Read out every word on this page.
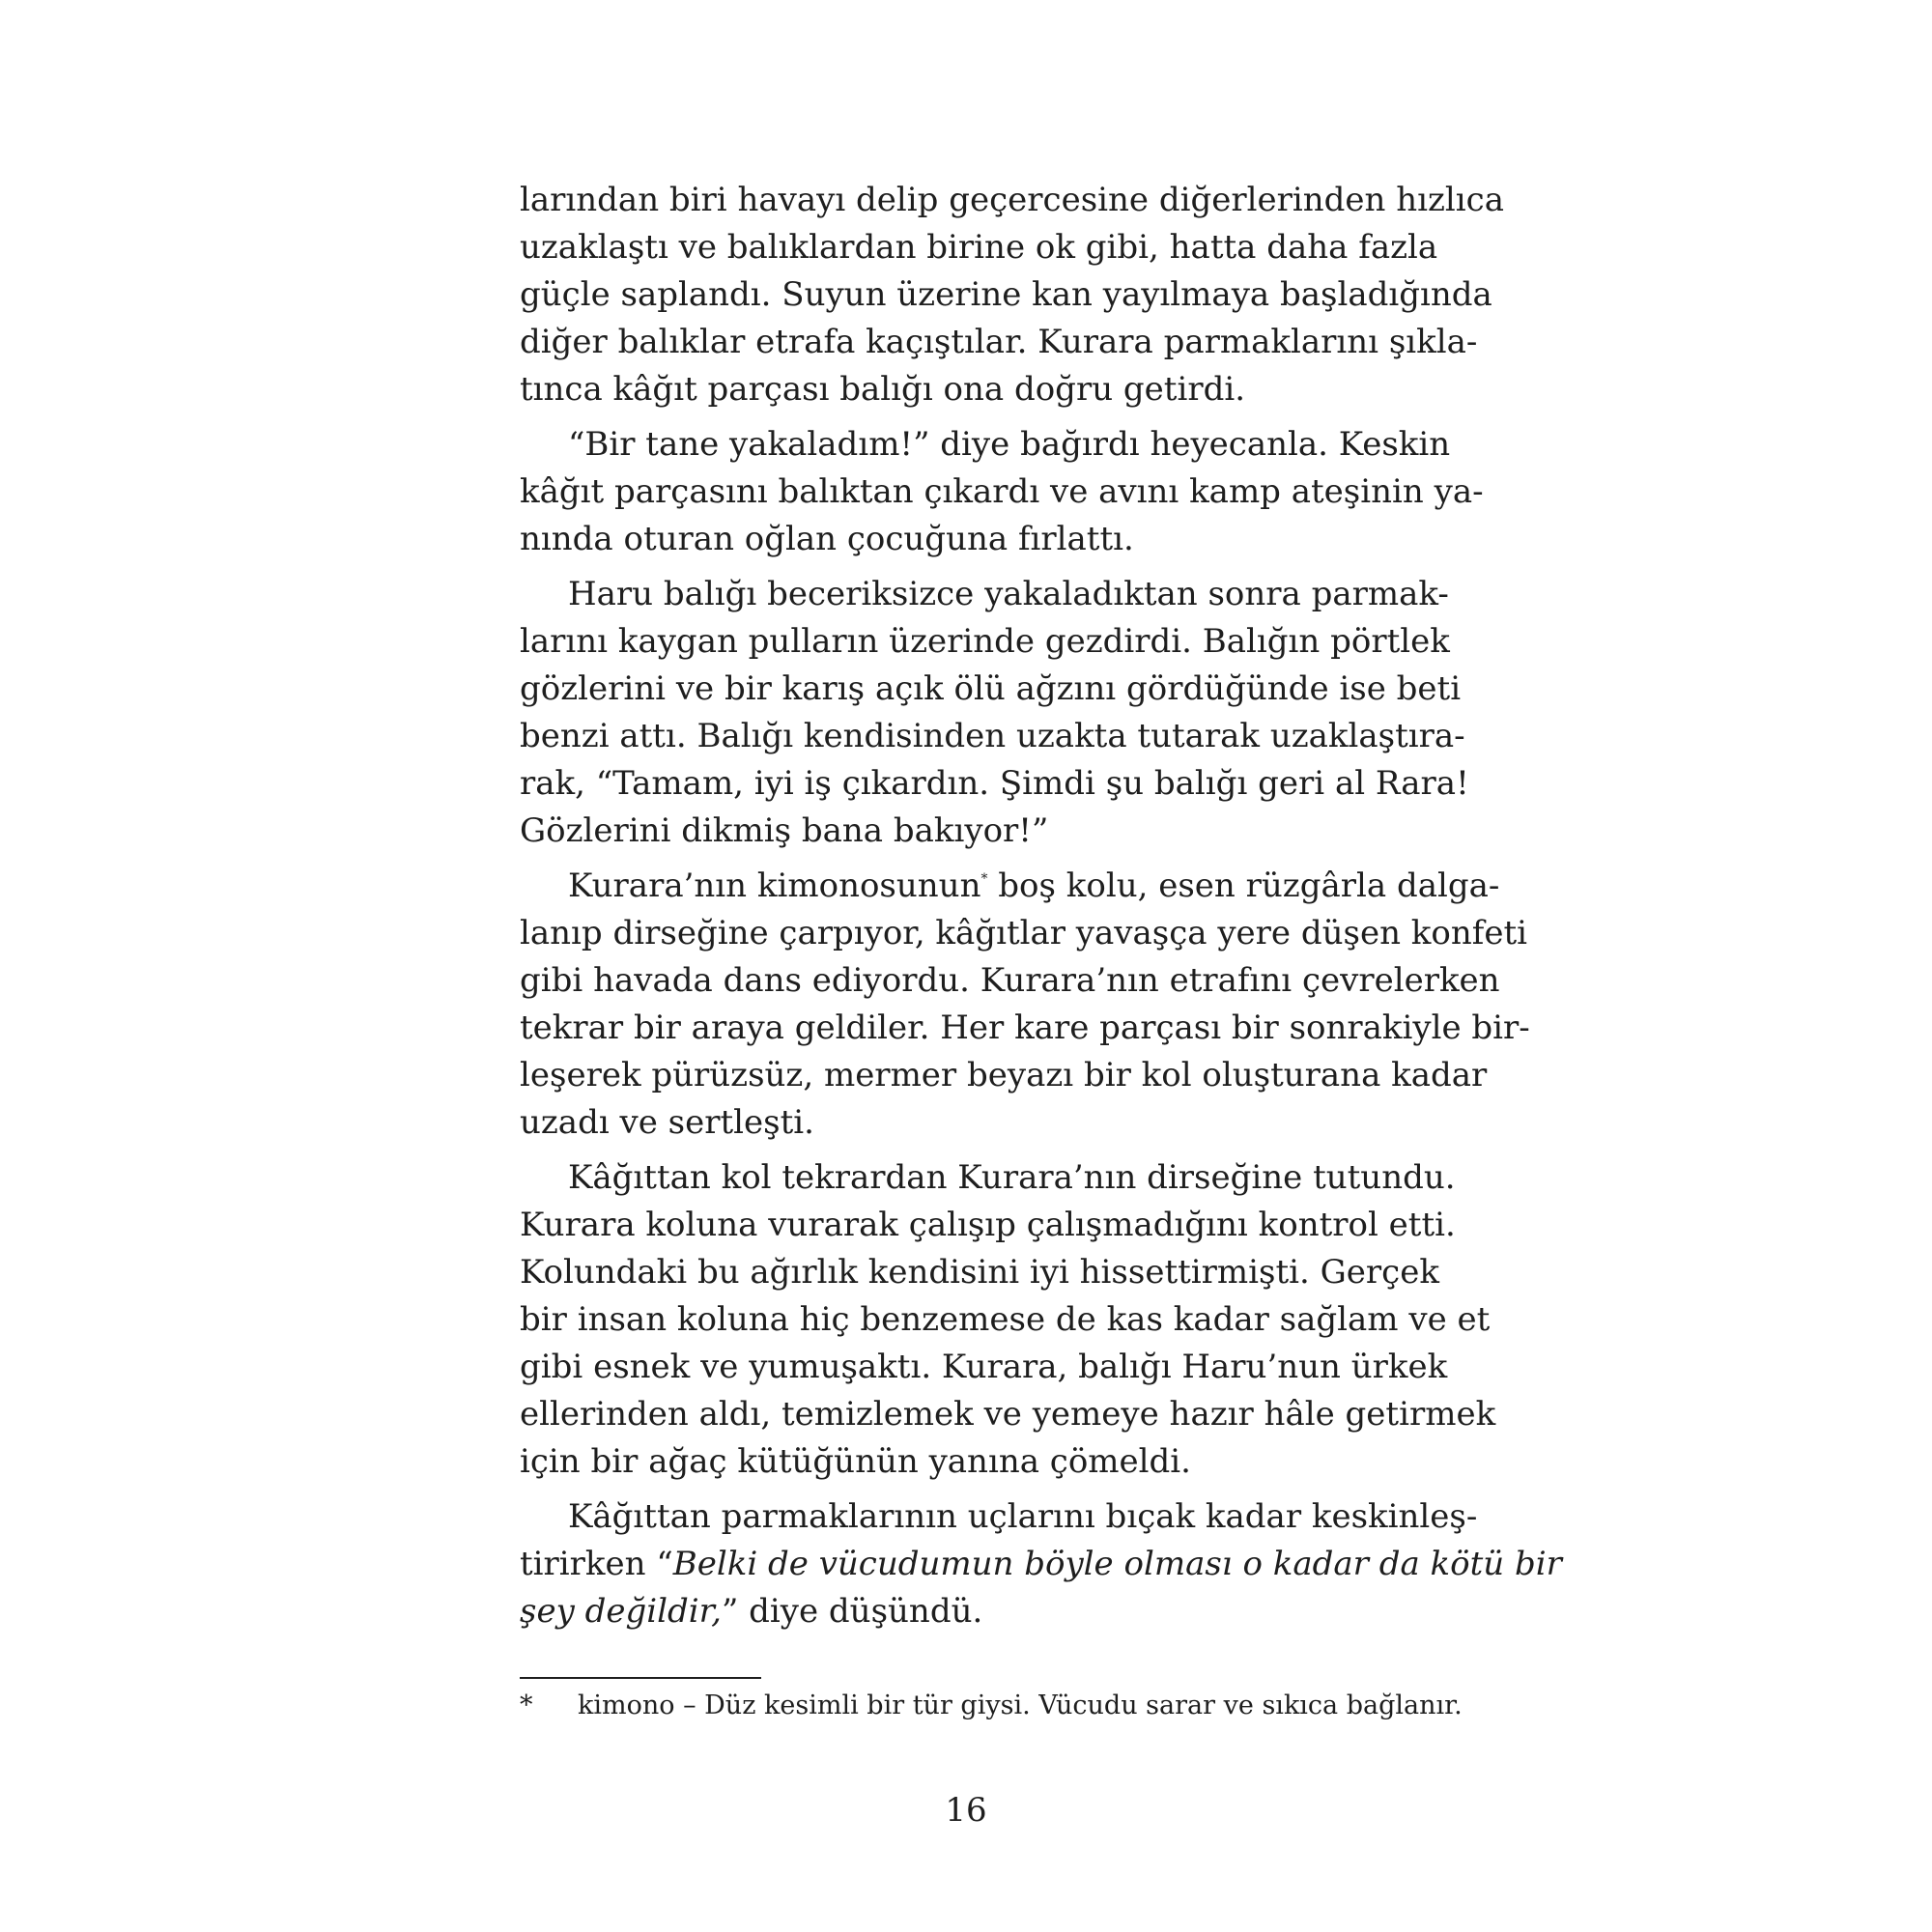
larından biri havayı delip geçercesine diğerlerinden hızlıca
uzaklaştı ve balıklardan birine ok gibi, hatta daha fazla
güçle saplandı. Suyun üzerine kan yayılmaya başladığında
diğer balıklar etrafa kaçıştılar. Kurara parmaklarını şıkla-
tınca kâğıt parçası balığı ona doğru getirdi.
“Bir tane yakaladım!” diye bağırdı heyecanla. Keskin
kâğıt parçasını balıktan çıkardı ve avını kamp ateşinin ya-
nında oturan oğlan çocuğuna fırlattı.
Haru balığı beceriksizce yakaladıktan sonra parmak-
larını kaygan pulların üzerinde gezdirdi. Balığın pörtlek
gözlerini ve bir karış açık ölü ağzını gördüğünde ise beti
benzi attı. Balığı kendisinden uzakta tutarak uzaklaştıra-
rak, “Tamam, iyi iş çıkardın. Şimdi şu balığı geri al Rara!
Gözlerini dikmiş bana bakıyor!”
Kurara’nın kimonosunun* boş kolu, esen rüzgârla dalga-
lanıp dirseğine çarpıyor, kâğıtlar yavaşça yere düşen konfeti
gibi havada dans ediyordu. Kurara’nın etrafını çevrelerken
tekrar bir araya geldiler. Her kare parçası bir sonrakiyle bir-
leşerek pürüzsüz, mermer beyazı bir kol oluşturana kadar
uzadı ve sertleşti.
Kâğıttan kol tekrardan Kurara’nın dirseğine tutundu.
Kurara koluna vurarak çalışıp çalışmadığını kontrol etti.
Kolundaki bu ağırlık kendisini iyi hissettirmişti. Gerçek
bir insan koluna hiç benzemese de kas kadar sağlam ve et
gibi esnek ve yumuşaktı. Kurara, balığı Haru’nun ürkek
ellerinden aldı, temizlemek ve yemeye hazır hâle getirmek
için bir ağaç kütüğünün yanına çömeldi.
Kâğıttan parmaklarının uçlarını bıçak kadar keskinleş-
tirirken “Belki de vücudumun böyle olması o kadar da kötü bir
şey değildir,” diye düşündü.
* kimono – Düz kesimli bir tür giysi. Vücudu sarar ve sıkıca bağlanır.
16
